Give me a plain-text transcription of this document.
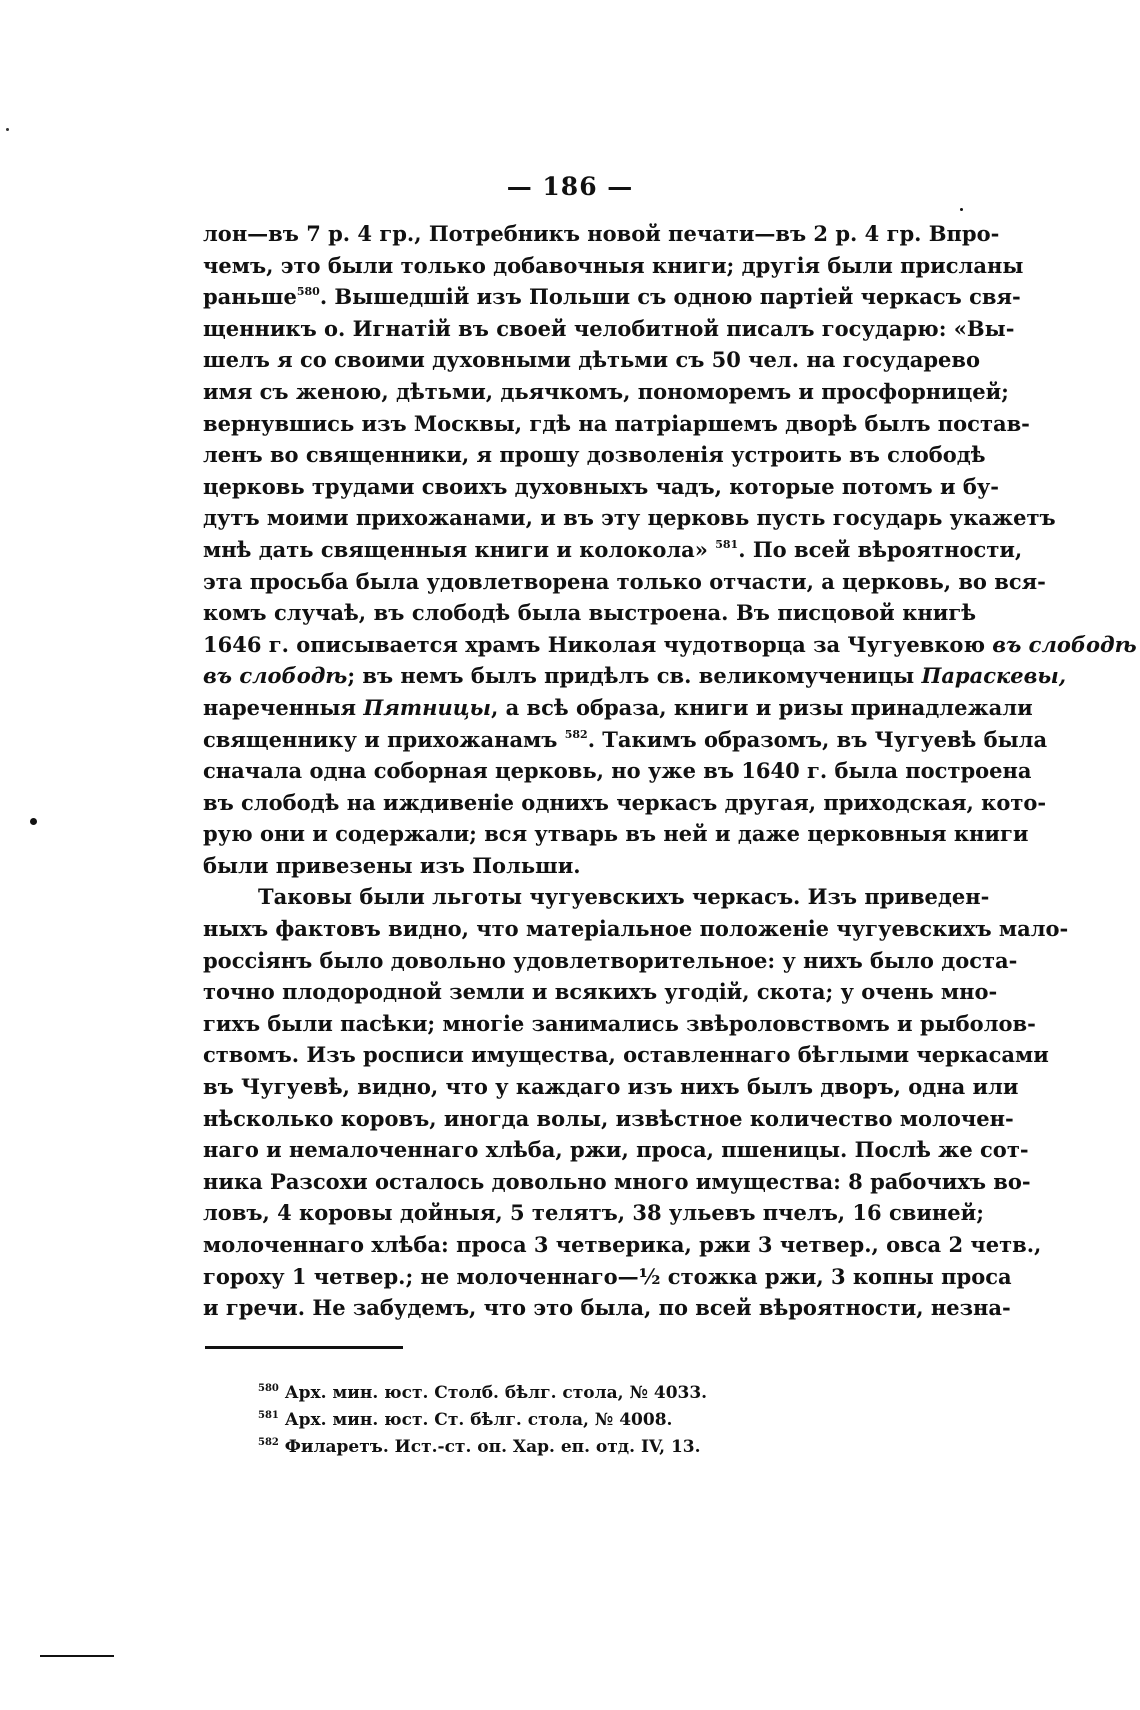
— 186 —
лон—въ 7 р. 4 гр., Потребникъ новой печати—въ 2 р. 4 гр. Впро-
чемъ, это были только добавочныя книги; другія были присланы
раньше$^{580}$. Вышедшій изъ Польши съ одною партіей черкасъ свя-
щенникъ о. Игнатій въ своей челобитной писалъ государю: «Вы-
шелъ я со своими духовными дѣтьми съ 50 чел. на государево
имя съ женою, дѣтьми, дьячкомъ, пономоремъ и просфорницей;
вернувшись изъ Москвы, гдѣ на патріаршемъ дворѣ былъ постав-
ленъ во священники, я прошу дозволенія устроить въ слободѣ
церковь трудами своихъ духовныхъ чадъ, которые потомъ и бу-
дутъ моими прихожанами, и въ эту церковь пусть государь укажетъ
мнѣ дать священныя книги и колокола» $^{581}$. По всей вѣроятности,
эта просьба была удовлетворена только отчасти, а церковь, во вся-
комъ случаѣ, въ слободѣ была выстроена. Въ писцовой книгѣ
1646 г. описывается храмъ Николая чудотворца за Чугуевкою въ слободѣ
въ слободѣ; въ немъ былъ придѣлъ св. великомученицы Параскевы,
нареченныя Пятницы, а всѣ образа, книги и ризы принадлежали
священнику и прихожанамъ $^{582}$. Такимъ образомъ, въ Чугуевѣ была
сначала одна соборная церковь, но уже въ 1640 г. была построена
въ слободѣ на иждивеніе однихъ черкасъ другая, приходская, кото-
рую они и содержали; вся утварь въ ней и даже церковныя книги
были привезены изъ Польши.
Таковы были льготы чугуевскихъ черкасъ. Изъ приведен-
ныхъ фактовъ видно, что матеріальное положеніе чугуевскихъ мало-
россіянъ было довольно удовлетворительное: у нихъ было доста-
точно плодородной земли и всякихъ угодій, скота; у очень мно-
гихъ были пасѣки; многіе занимались звѣроловствомъ и рыболов-
ствомъ. Изъ росписи имущества, оставленнаго бѣглыми черкасами
въ Чугуевѣ, видно, что у каждаго изъ нихъ былъ дворъ, одна или
нѣсколько коровъ, иногда волы, извѣстное количество молочен-
наго и немалоченнаго хлѣба, ржи, проса, пшеницы. Послѣ же сот-
ника Разсохи осталось довольно много имущества: 8 рабочихъ во-
ловъ, 4 коровы дойныя, 5 телятъ, 38 ульевъ пчелъ, 16 свиней;
молоченнаго хлѣба: проса 3 четверика, ржи 3 четвер., овса 2 четв.,
гороху 1 четвер.; не молоченнаго—½ стожка ржи, 3 копны проса
и гречи. Не забудемъ, что это была, по всей вѣроятности, незна-
$^{580}$ Арх. мин. юст. Столб. бѣлг. стола, № 4033.
$^{581}$ Арх. мин. юст. Ст. бѣлг. стола, № 4008.
$^{582}$ Филаретъ. Ист.-ст. оп. Хар. еп. отд. IV, 13.
